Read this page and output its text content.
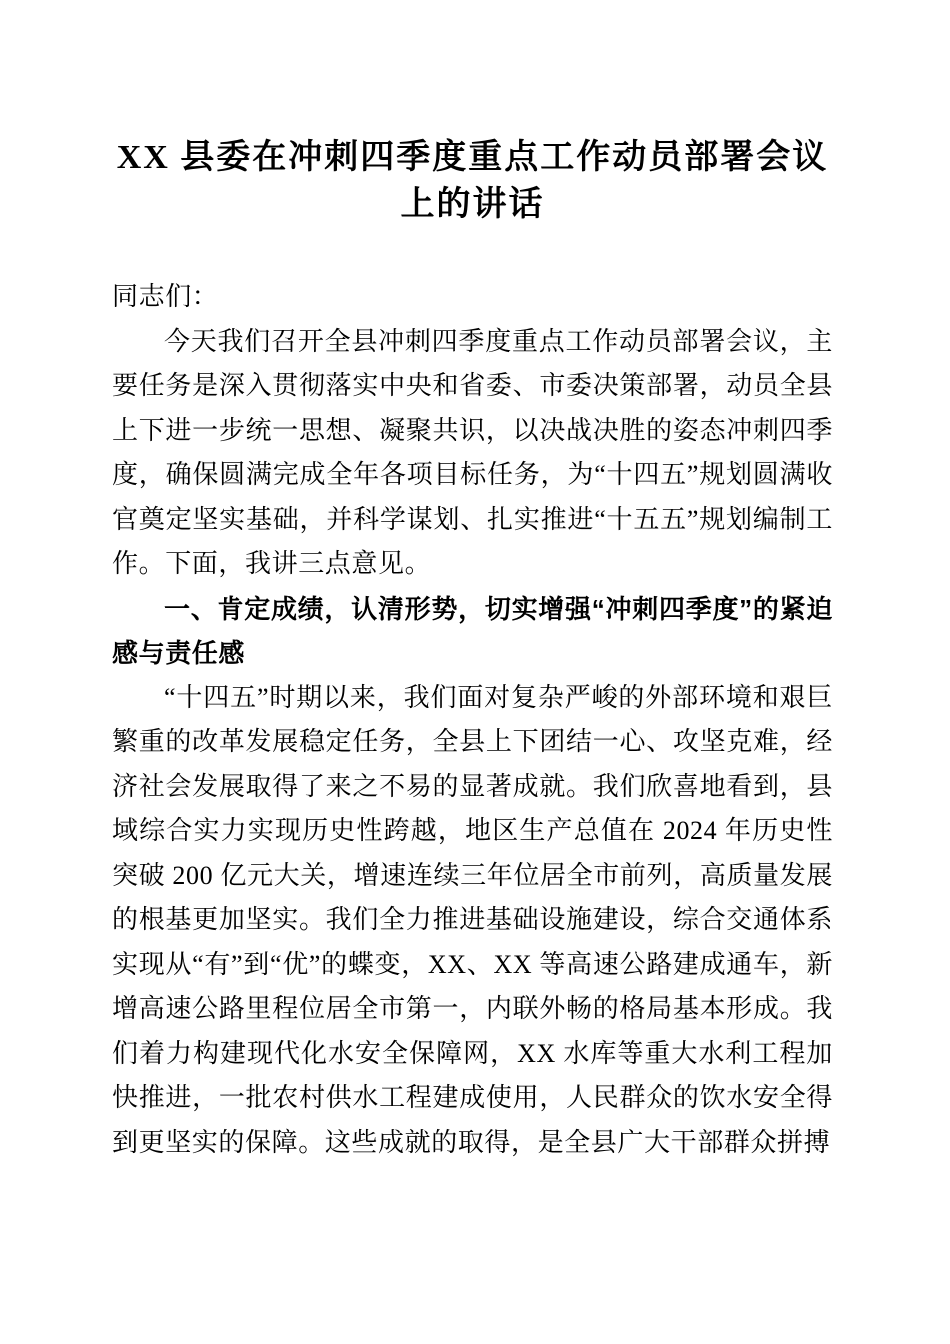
XX 县委在冲刺四季度重点工作动员部署会议
上的讲话

同志们：

今天我们召开全县冲刺四季度重点工作动员部署会议，主要任务是深入贯彻落实中央和省委、市委决策部署，动员全县上下进一步统一思想、凝聚共识，以决战决胜的姿态冲刺四季度，确保圆满完成全年各项目标任务，为“十四五”规划圆满收官奠定坚实基础，并科学谋划、扎实推进“十五五”规划编制工作。下面，我讲三点意见。

一、肯定成绩，认清形势，切实增强“冲刺四季度”的紧迫感与责任感

“十四五”时期以来，我们面对复杂严峻的外部环境和艰巨繁重的改革发展稳定任务，全县上下团结一心、攻坚克难，经济社会发展取得了来之不易的显著成就。我们欣喜地看到，县域综合实力实现历史性跨越，地区生产总值在 2024 年历史性突破 200 亿元大关，增速连续三年位居全市前列，高质量发展的根基更加坚实。我们全力推进基础设施建设，综合交通体系实现从“有”到“优”的蝶变，XX、XX 等高速公路建成通车，新增高速公路里程位居全市第一，内联外畅的格局基本形成。我们着力构建现代化水安全保障网，XX 水库等重大水利工程加快推进，一批农村供水工程建成使用，人民群众的饮水安全得到更坚实的保障。这些成就的取得，是全县广大干部群众拼搏
